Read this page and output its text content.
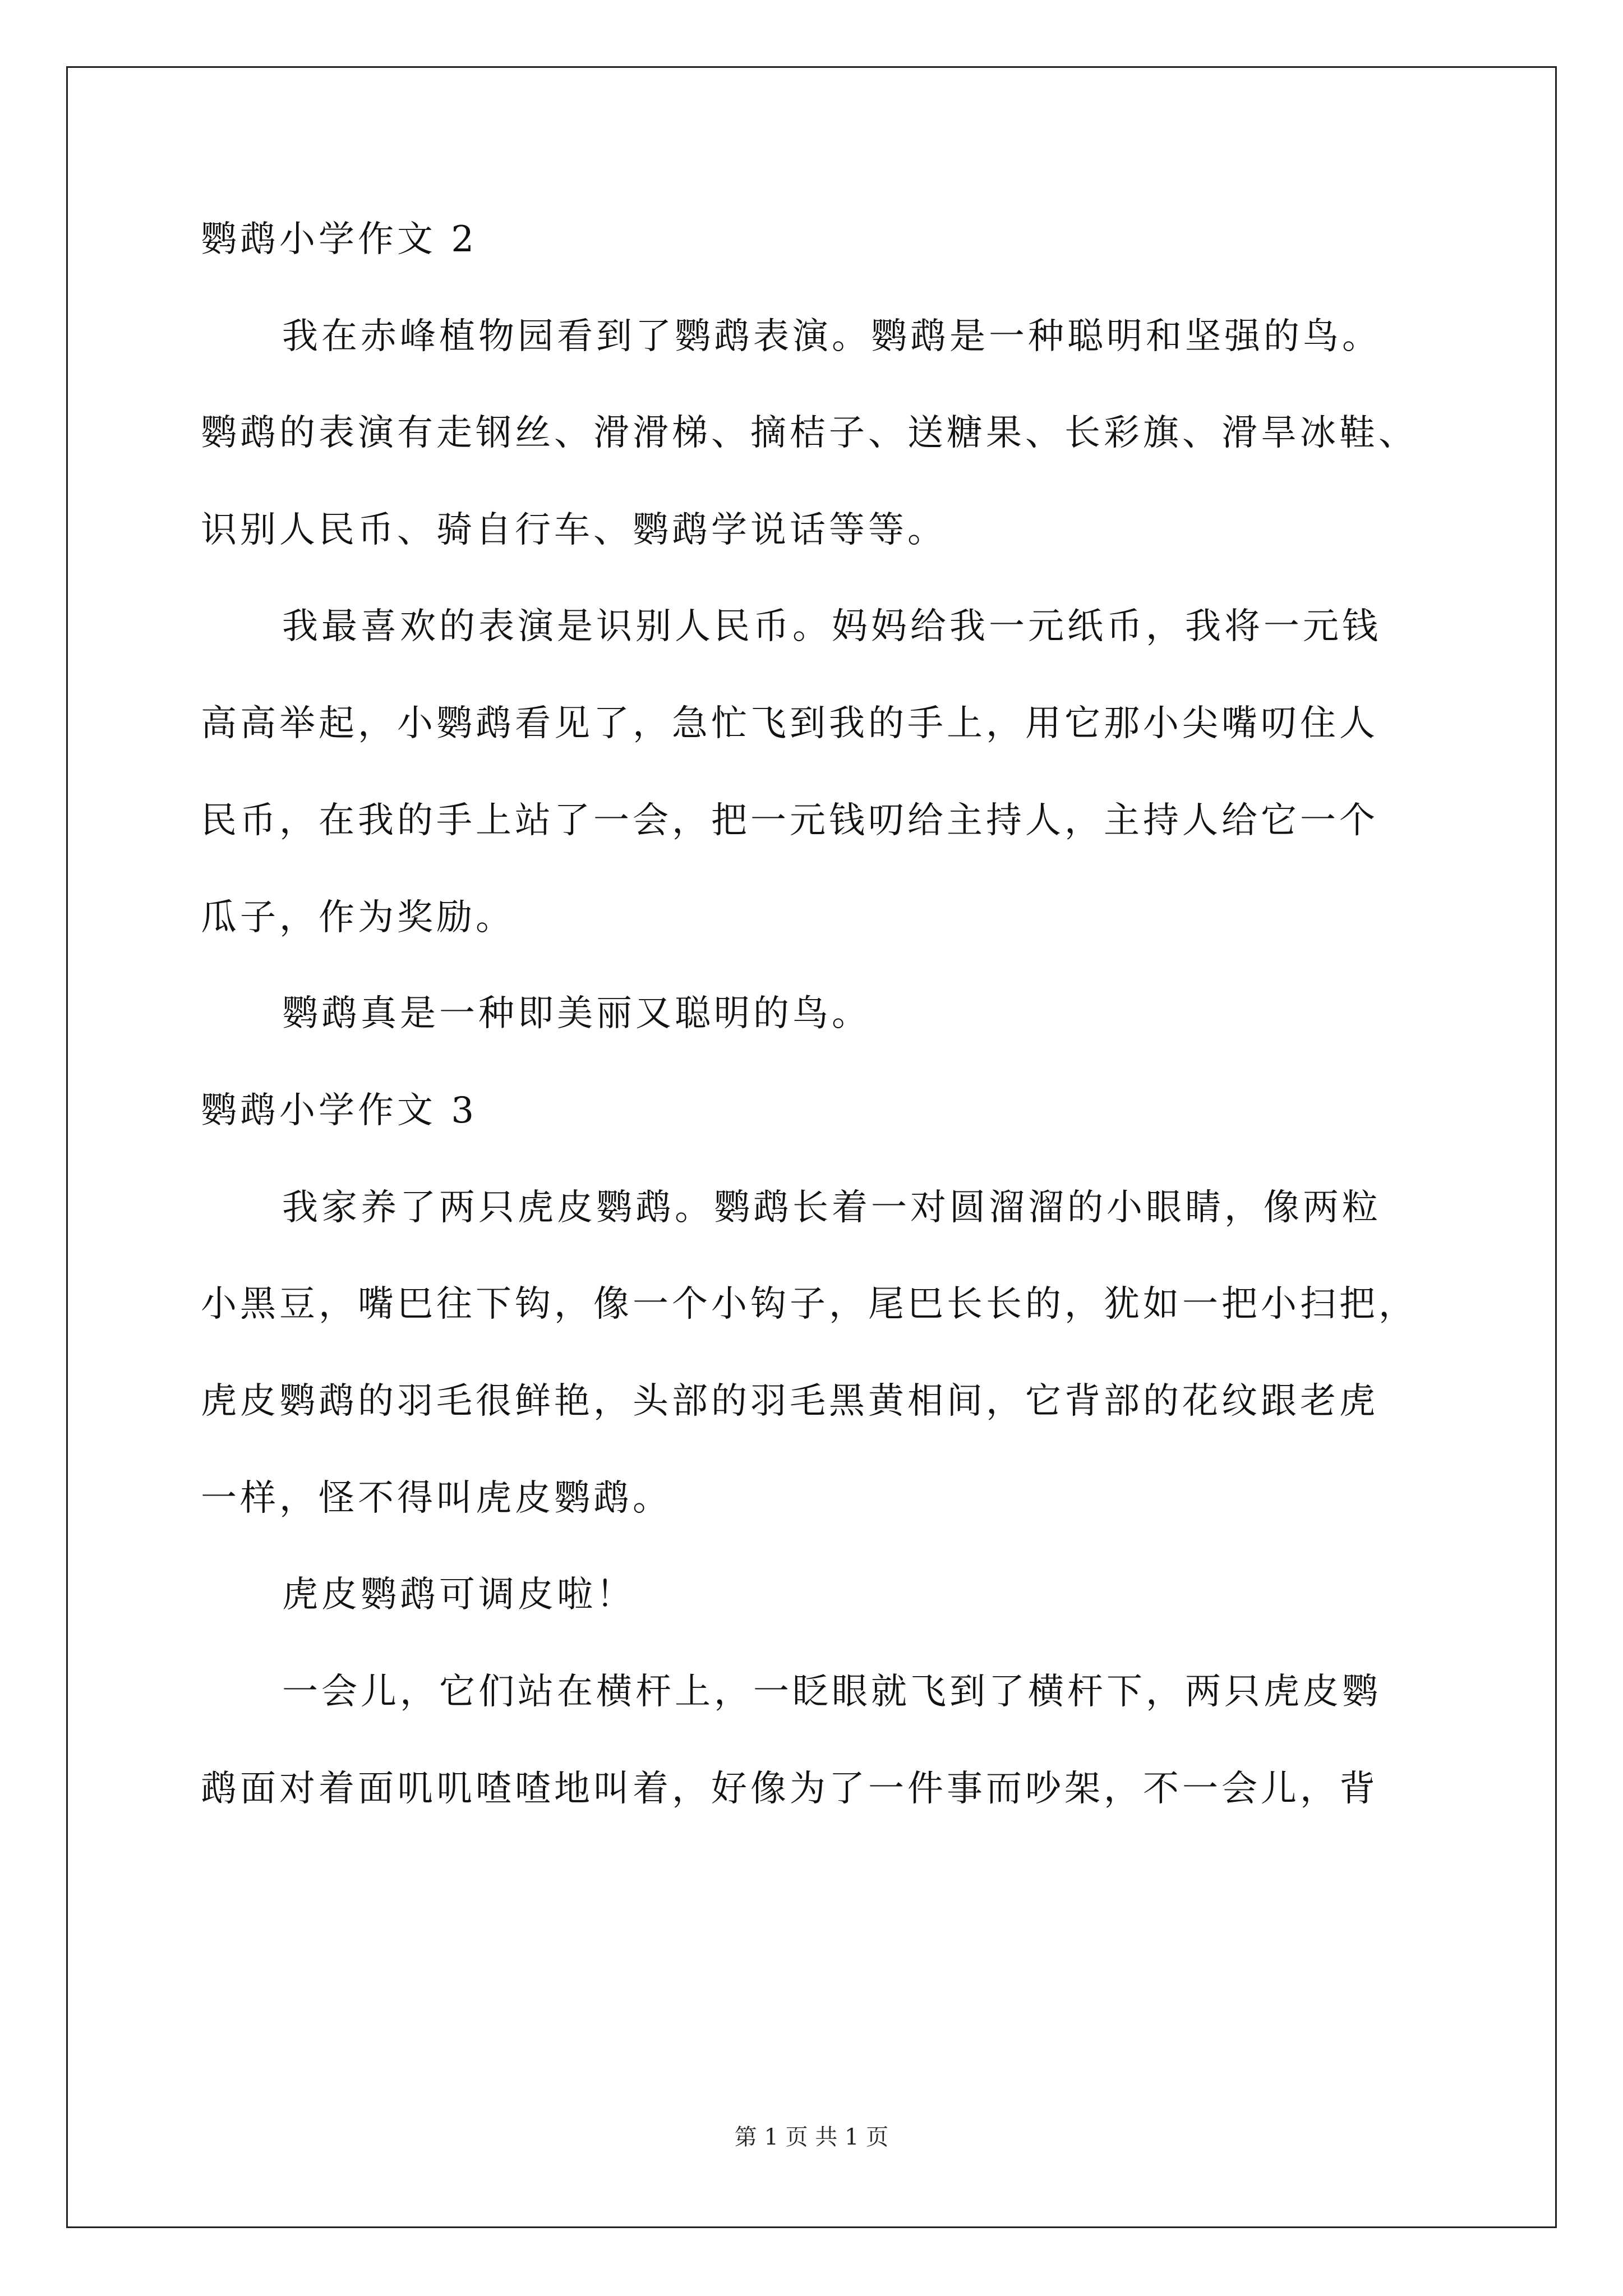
鹦鹉小学作文 2
我在赤峰植物园看到了鹦鹉表演。鹦鹉是一种聪明和坚强的鸟。
鹦鹉的表演有走钢丝、滑滑梯、摘桔子、送糖果、长彩旗、滑旱冰鞋、
识别人民币、骑自行车、鹦鹉学说话等等。
我最喜欢的表演是识别人民币。妈妈给我一元纸币，我将一元钱
高高举起，小鹦鹉看见了，急忙飞到我的手上，用它那小尖嘴叨住人
民币，在我的手上站了一会，把一元钱叨给主持人，主持人给它一个
瓜子，作为奖励。
鹦鹉真是一种即美丽又聪明的鸟。
鹦鹉小学作文 3
我家养了两只虎皮鹦鹉。鹦鹉长着一对圆溜溜的小眼睛，像两粒
小黑豆，嘴巴往下钩，像一个小钩子，尾巴长长的，犹如一把小扫把，
虎皮鹦鹉的羽毛很鲜艳，头部的羽毛黑黄相间，它背部的花纹跟老虎
一样，怪不得叫虎皮鹦鹉。
虎皮鹦鹉可调皮啦！
一会儿，它们站在横杆上，一眨眼就飞到了横杆下，两只虎皮鹦
鹉面对着面叽叽喳喳地叫着，好像为了一件事而吵架，不一会儿，背
第 1 页 共 1 页
